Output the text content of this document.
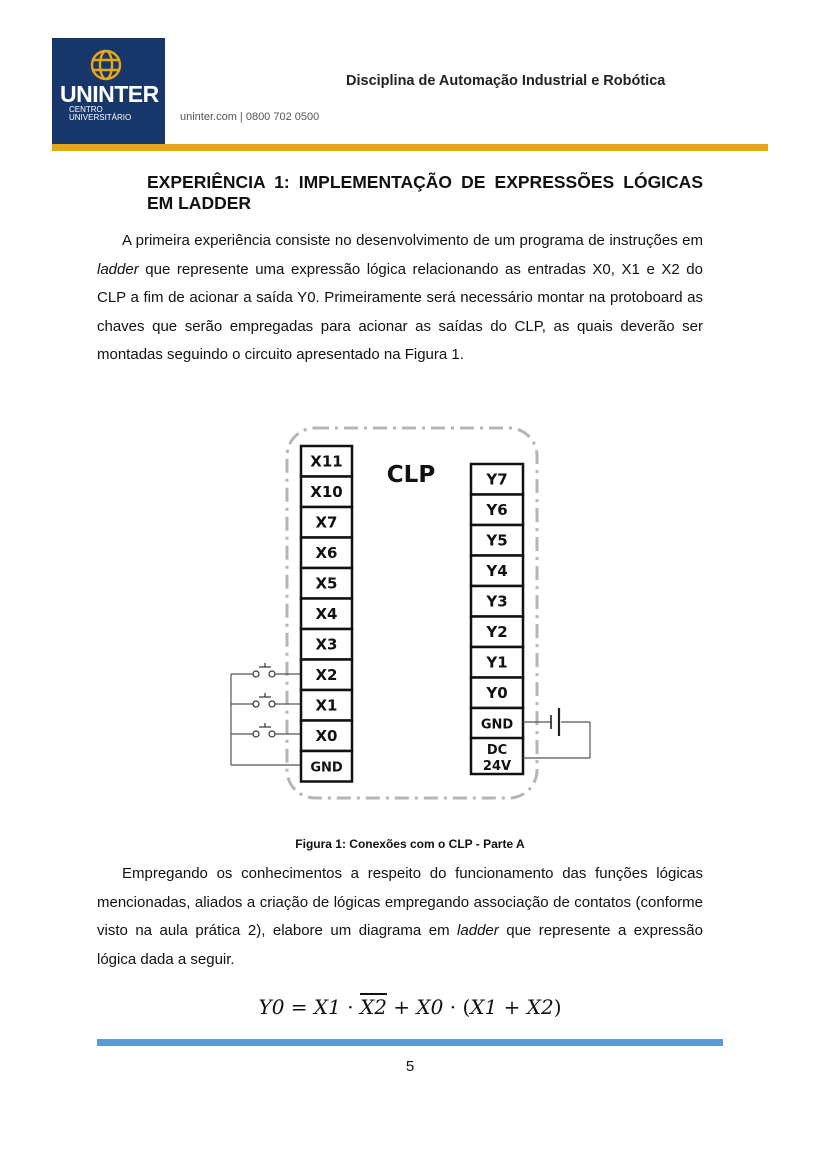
UNINTER
CENTRO
UNIVERSITÁRIO	uninter.com | 0800 702 0500
Disciplina de Automação Industrial e Robótica
EXPERIÊNCIA 1: IMPLEMENTAÇÃO DE EXPRESSÕES LÓGICAS EM LADDER

A primeira experiência consiste no desenvolvimento de um programa de instruções em ladder que represente uma expressão lógica relacionando as entradas X0, X1 e X2 do CLP a fim de acionar a saída Y0. Primeiramente será necessário montar na protoboard as chaves que serão empregadas para acionar as saídas do CLP, as quais deverão ser montadas seguindo o circuito apresentado na Figura 1.

CLP
X11
X10
X7
X6
X5
X4
X3
X2
X1
X0
GND
Y7
Y6
Y5
Y4
Y3
Y2
Y1
Y0
GND
DC
24V
Figura 1: Conexões com o CLP - Parte A

Empregando os conhecimentos a respeito do funcionamento das funções lógicas mencionadas, aliados a criação de lógicas empregando associação de contatos (conforme visto na aula prática 2), elabore um diagrama em ladder que represente a expressão lógica dada a seguir.

Y0 = X1 · X2 + X0 · (X1 + X2)
5
